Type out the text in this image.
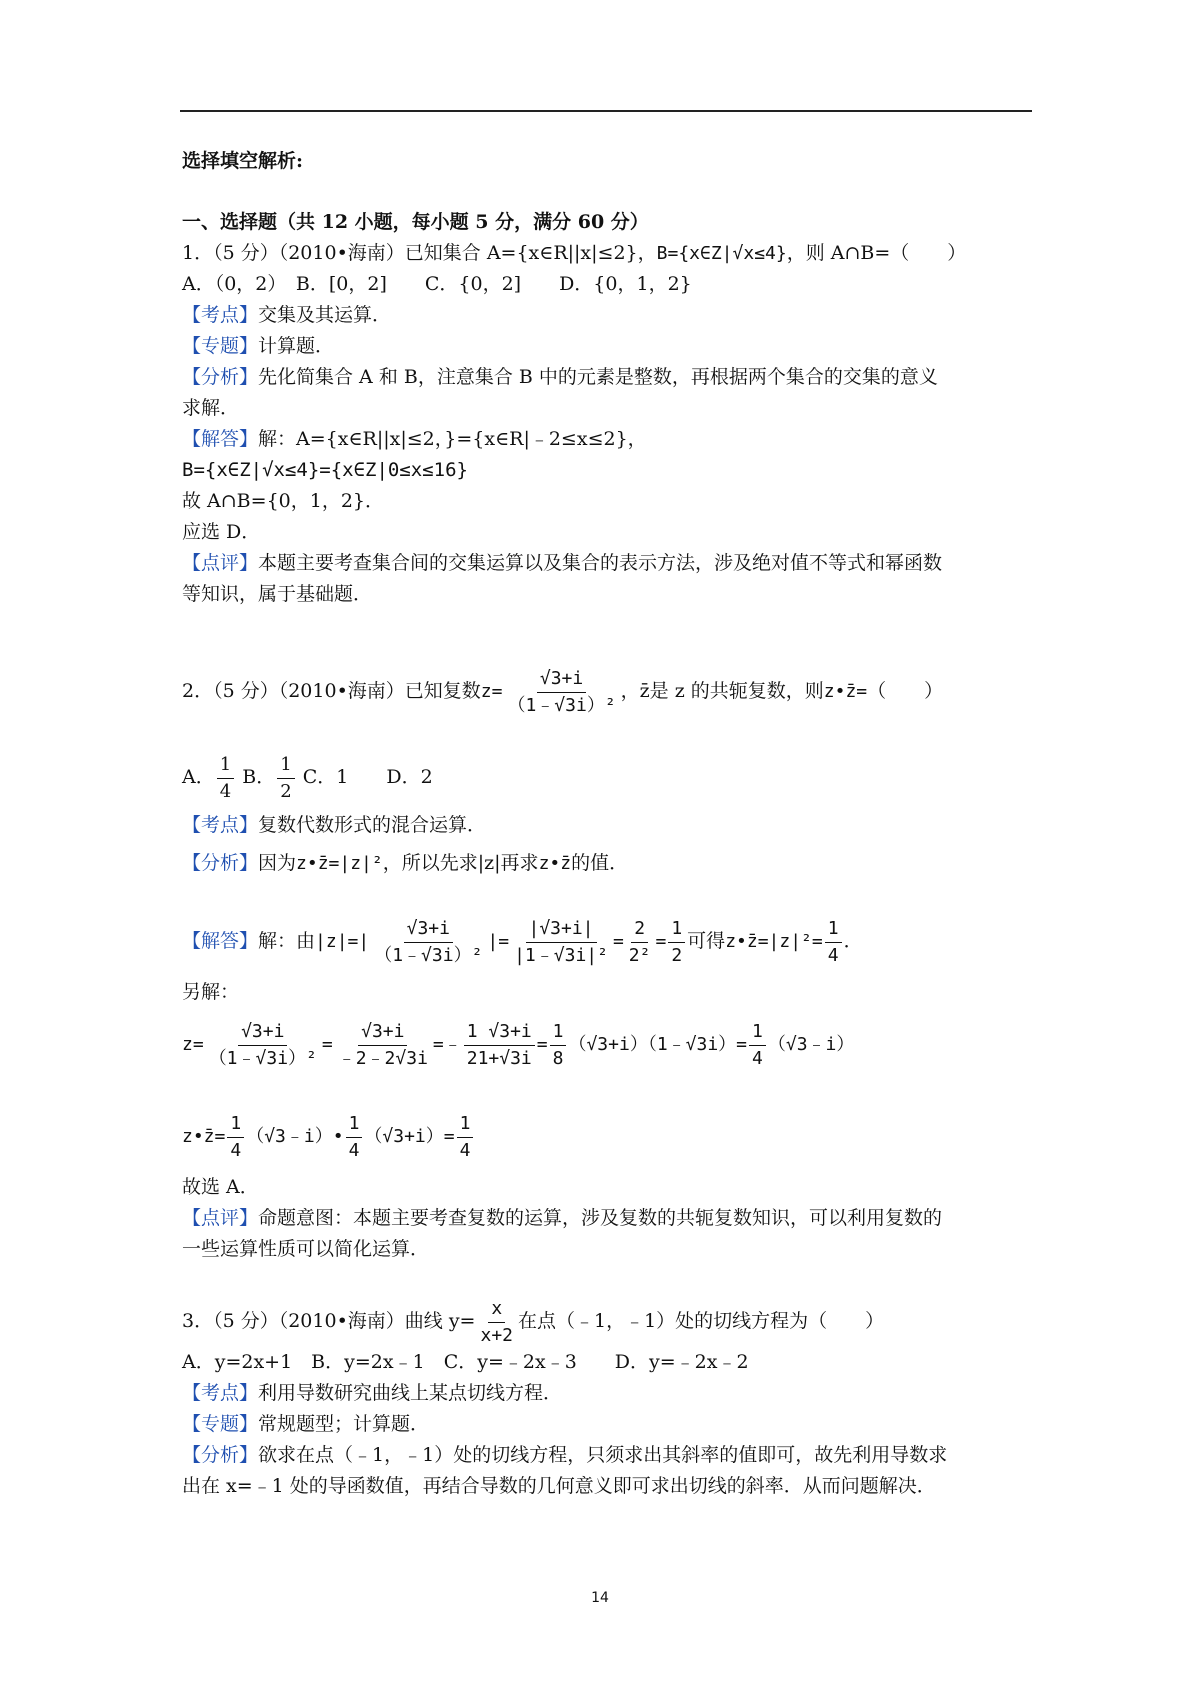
选择填空解析:
一、选择题（共 12 小题，每小题 5 分，满分 60 分）
1．（5 分）（2010•海南）已知集合 A={x∈R||x|≤2}，B={x∈Z|√x≤4}，则 A∩B=（　　）
A．（0，2）　B．[0，2]　　C．{0，2]　　D．{0，1，2}
【考点】交集及其运算．
【专题】计算题．
【分析】先化简集合 A 和 B，注意集合 B 中的元素是整数，再根据两个集合的交集的意义
求解．
【解答】解：A={x∈R||x|≤2，}={x∈R|﹣2≤x≤2}，
B={x∈Z|√x≤4}={x∈Z|0≤x≤16}
故 A∩B={0，1，2}．
应选 D．
【点评】本题主要考查集合间的交集运算以及集合的表示方法，涉及绝对值不等式和幂函数
等知识，属于基础题．
2．（5 分）（2010•海南）已知复数$z= \frac{√3+i}{\text{（1﹣√3i）²}}$ ，z̄是 z 的共轭复数，则z•z̄=（　　）
A． $\frac{1}{4}$ B． $\frac{1}{2}$ C．1　　D．2
【考点】复数代数形式的混合运算．
【分析】因为z•z̄=|z|²，所以先求|z|再求z•z̄的值．
【解答】解：由$|z|=| \frac{√3+i}{\text{（1﹣√3i）²}}$ |= $\frac{|√3+i|}{\text{|1﹣√3i|²}} = \frac{2}{\text{2²}} = \frac{1}{2}$ 可得z•z̄=|z|²= $\frac{1}{4}$ ．
另解：
$z= \frac{√3+i}{\text{（1﹣√3i）²}} = \frac{√3+i}{﹣2﹣2√3i}$ =﹣ $\frac{1 √3+i}{21+√3i} = \frac{1}{8}$ （√3+i）（1﹣√3i）= $\frac{1}{4}$ （√3﹣i）
z•z̄= $\frac{1}{4}$ （√3﹣i）• $\frac{1}{4} (√3+i)= \frac{1}{4}$
故选 A．
【点评】命题意图：本题主要考查复数的运算，涉及复数的共轭复数知识，可以利用复数的
一些运算性质可以简化运算．
3．（5 分）（2010•海南）曲线 $y= \frac{x}{x+2}$ 在点（﹣1，﹣1）处的切线方程为（　　）
A．y=2x+1　B．y=2x﹣1　C．y=﹣2x﹣3　　D．y=﹣2x﹣2
【考点】利用导数研究曲线上某点切线方程．
【专题】常规题型；计算题．
【分析】欲求在点（﹣1，﹣1）处的切线方程，只须求出其斜率的值即可，故先利用导数求
出在 x=﹣1 处的导函数值，再结合导数的几何意义即可求出切线的斜率．从而问题解决．
14
